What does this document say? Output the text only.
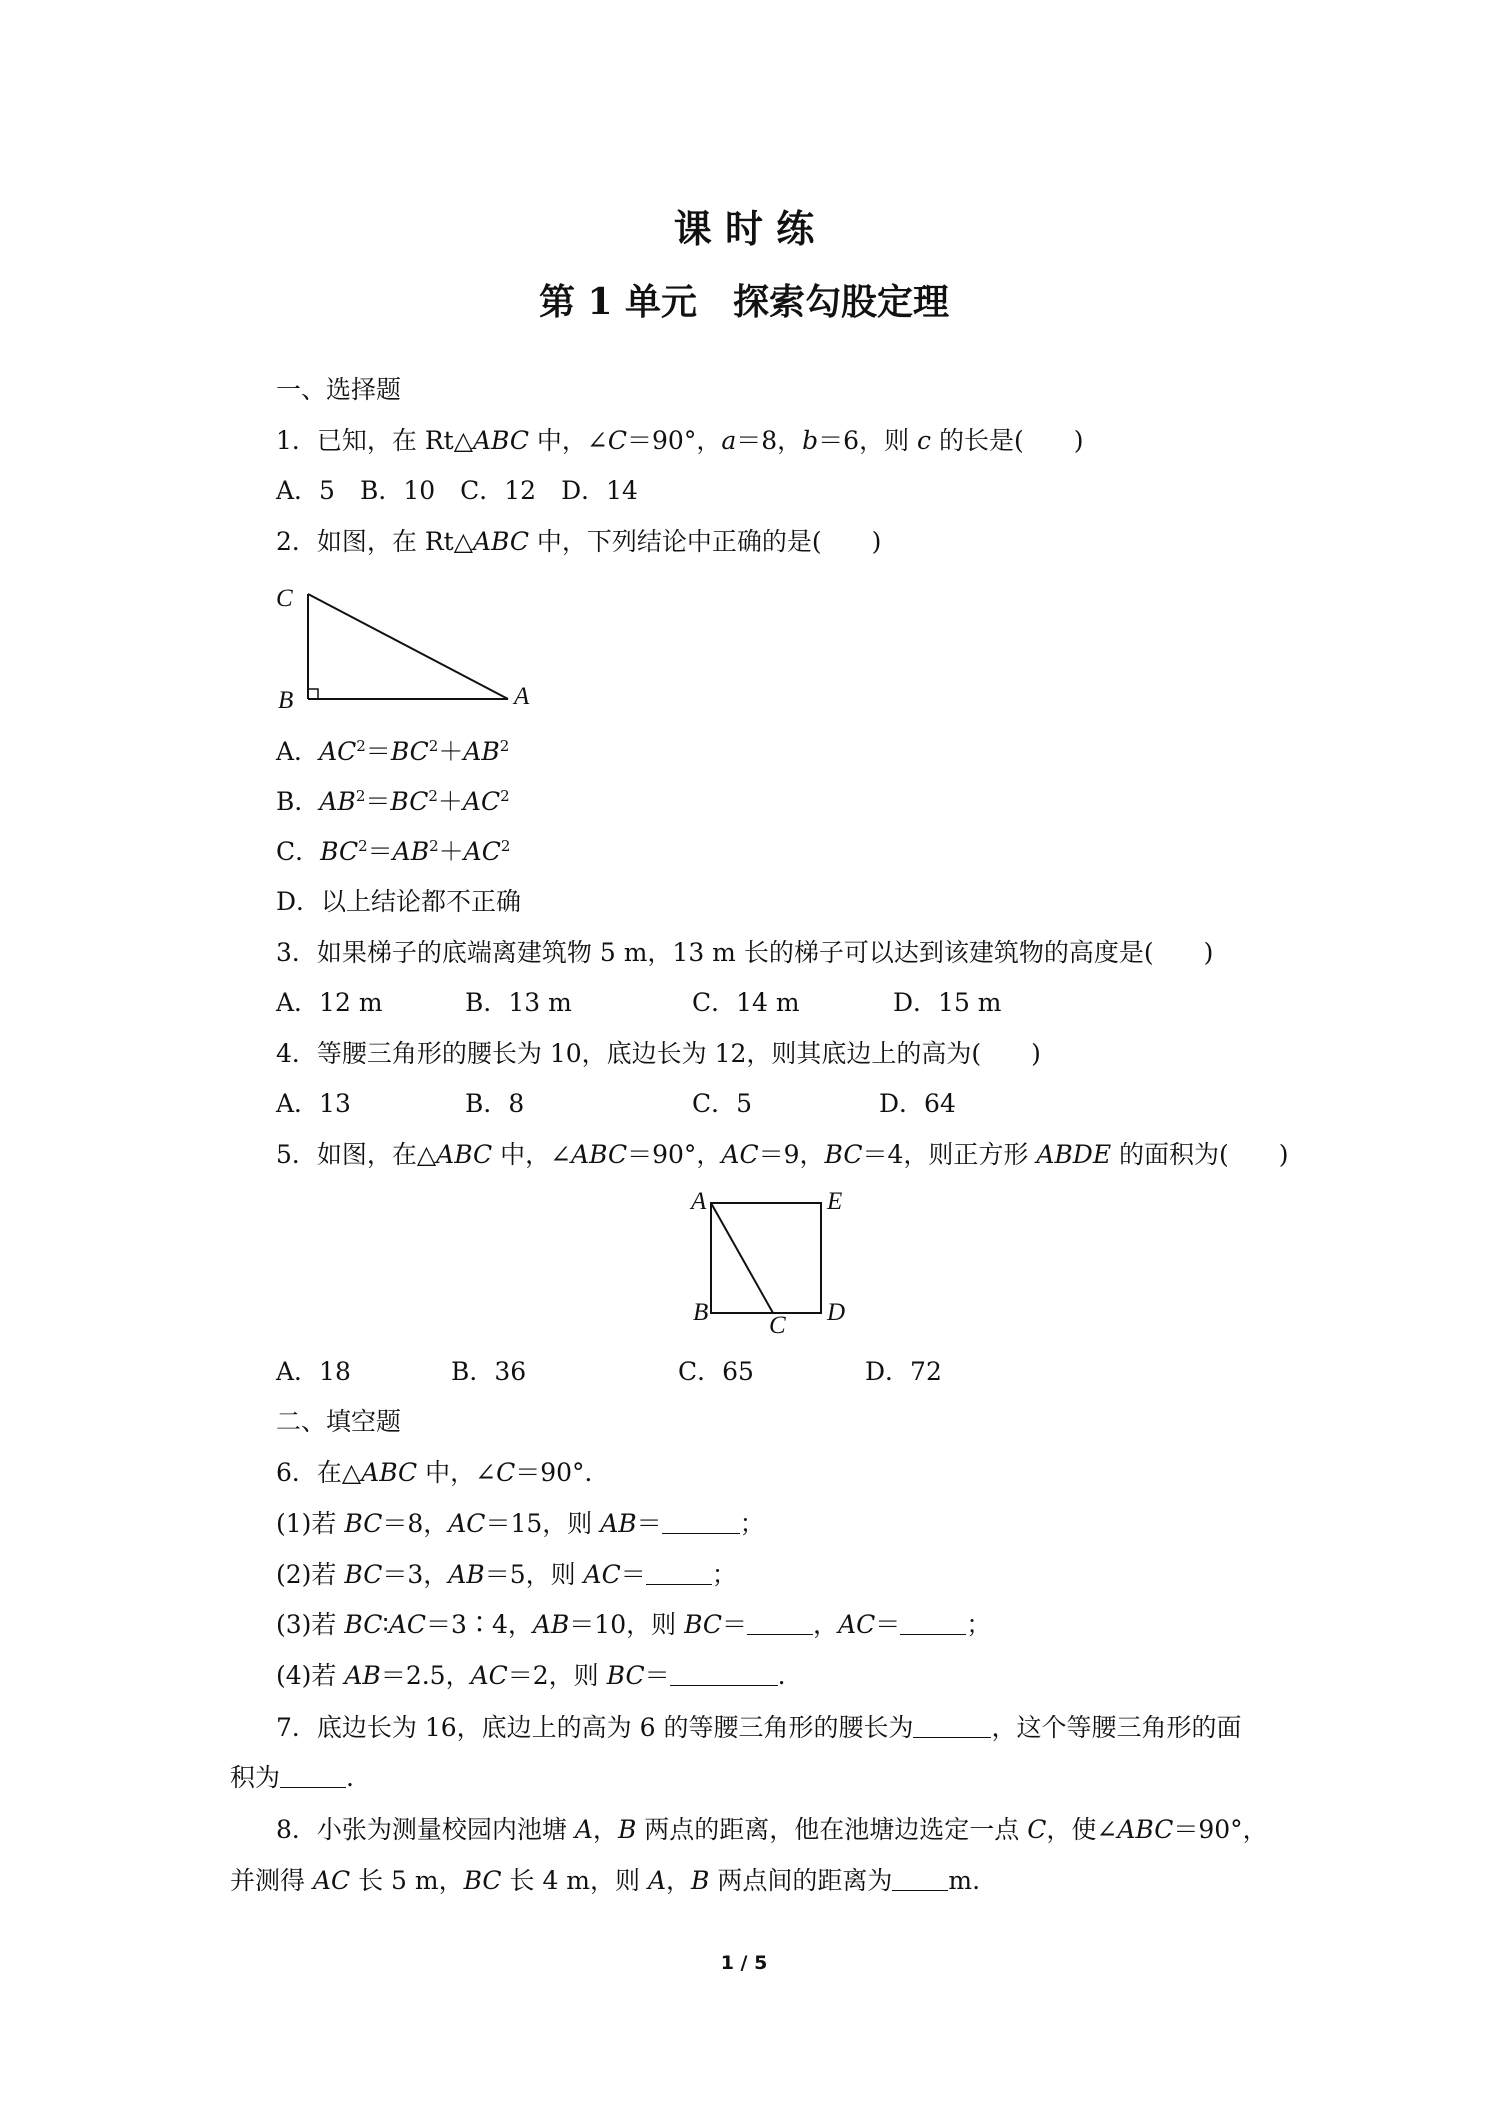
课 时 练
第 1 单元　探索勾股定理
一、选择题
1．已知，在 Rt△ABC 中，∠C＝90°，a＝8，b＝6，则 c 的长是(　　)
A．5　B．10　C．12　D．14
2．如图，在 Rt△ABC 中，下列结论中正确的是(　　)
C
B	A
A．$AC^2=BC^2+AB^2$
B．$AB^2=BC^2+AC^2$
C．$BC^2=AB^2+AC^2$
D．以上结论都不正确
3．如果梯子的底端离建筑物 5 m，13 m 长的梯子可以达到该建筑物的高度是(　　)
A．12 m	B．13 m	C．14 m	D．15 m
4．等腰三角形的腰长为 10，底边长为 12，则其底边上的高为(　　)
A．13	B．8	C．5	D．64
5．如图，在△ABC 中，∠ABC＝90°，AC＝9，BC＝4，则正方形 ABDE 的面积为(　　)
A	E
B	D
C
A．18	B．36	C．65	D．72
二、填空题
6．在△ABC 中，∠C＝90°．
(1)若 BC＝8，AC＝15，则 AB＝	；
(2)若 BC＝3，AB＝5，则 AC＝	；
(3)若 BC∶AC＝3∶4，AB＝10，则 BC＝	，AC＝	；
(4)若 AB＝2.5，AC＝2，则 BC＝	.
7．底边长为 16，底边上的高为 6 的等腰三角形的腰长为	，这个等腰三角形的面
积为	.
8．小张为测量校园内池塘 A，B 两点的距离，他在池塘边选定一点 C，使∠ABC＝90°，
并测得 AC 长 5 m，BC 长 4 m，则 A，B 两点间的距离为 m.
1 / 5
